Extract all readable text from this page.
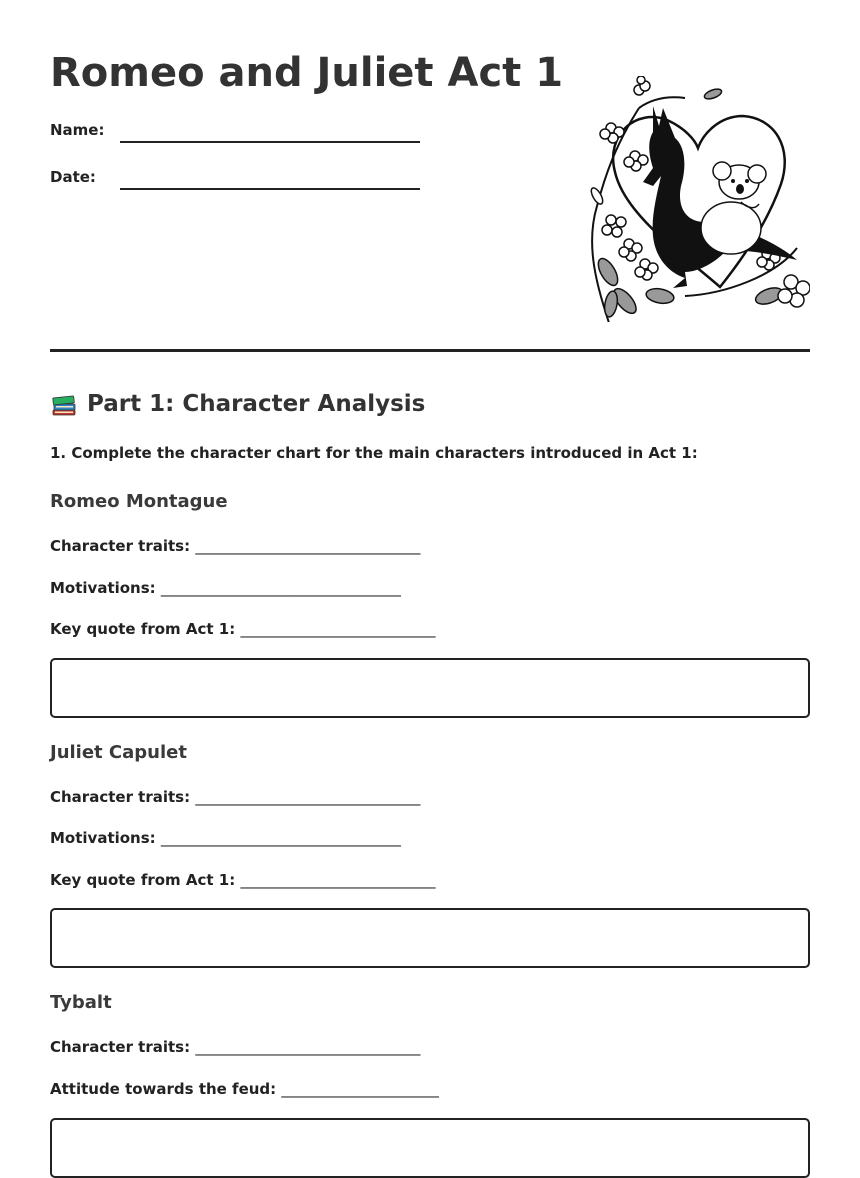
Romeo and Juliet Act 1
Name:
Date:
Part 1: Character Analysis

1. Complete the character chart for the main characters introduced in Act 1:

Romeo Montague

Character traits: ______________________________

Motivations: ________________________________

Key quote from Act 1: __________________________

Juliet Capulet

Character traits: ______________________________

Motivations: ________________________________

Key quote from Act 1: __________________________

Tybalt

Character traits: ______________________________

Attitude towards the feud: _____________________
